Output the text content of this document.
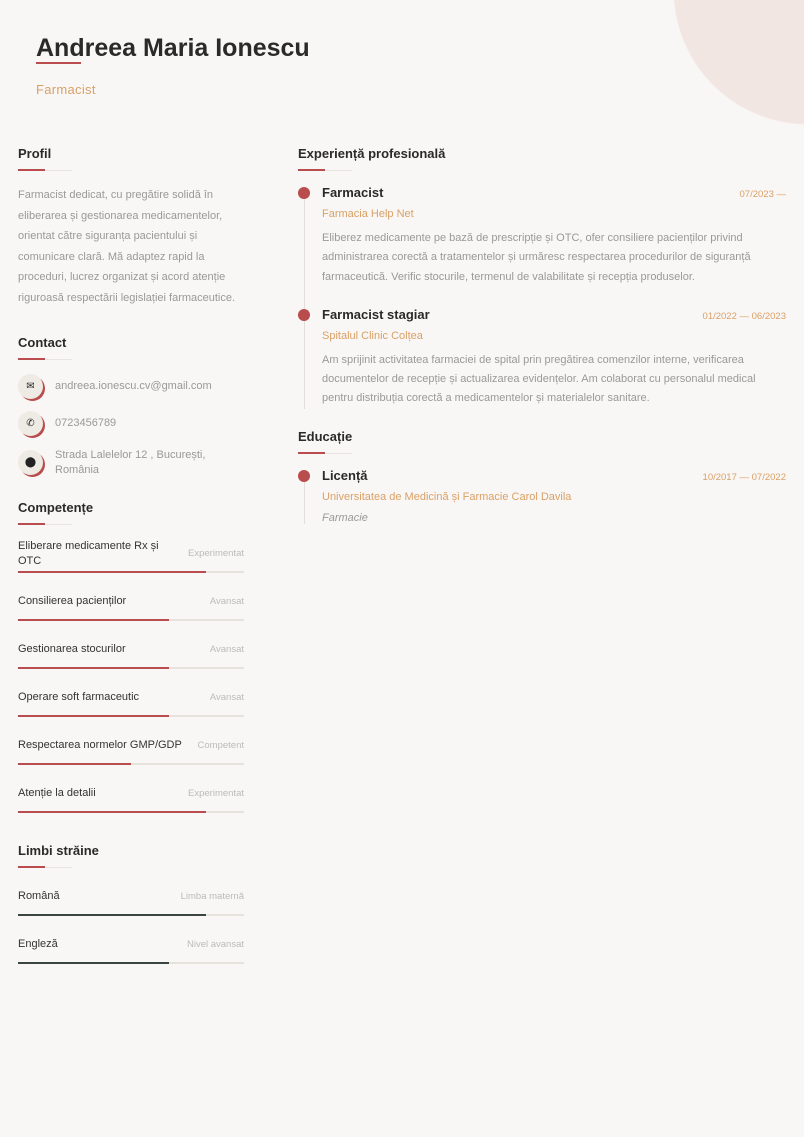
Andreea Maria Ionescu
Farmacist
Profil

Farmacist dedicat, cu pregătire solidă în eliberarea și gestionarea medicamentelor, orientat către siguranța pacientului și comunicare clară. Mă adaptez rapid la proceduri, lucrez organizat și acord atenție riguroasă respectării legislației farmaceutice.

Contact
✉	andreea.ionescu.cv@gmail.com
✆	0723456789
⬤
Strada Lalelelor 12 , București, România
Competențe
Eliberare medicamente Rx și OTC
Experimentat
Consilierea pacienților	Avansat
Gestionarea stocurilor	Avansat
Operare soft farmaceutic	Avansat
Respectarea normelor GMP/GDP Competent
Atenție la detalii	Experimentat
Limbi străine
Română	Limba maternă
Engleză	Nivel avansat
Experiență profesională
Farmacist	07/2023 —
Farmacia Help Net
Eliberez medicamente pe bază de prescripție și OTC, ofer consiliere pacienților privind administrarea corectă a tratamentelor și urmăresc respectarea procedurilor de siguranță farmaceutică. Verific stocurile, termenul de valabilitate și recepția produselor.
Farmacist stagiar	01/2022 — 06/2023
Spitalul Clinic Colțea
Am sprijinit activitatea farmaciei de spital prin pregătirea comenzilor interne, verificarea documentelor de recepție și actualizarea evidențelor. Am colaborat cu personalul medical pentru distribuția corectă a medicamentelor și materialelor sanitare.
Educație
Licență	10/2017 — 07/2022
Universitatea de Medicină și Farmacie Carol Davila
Farmacie
